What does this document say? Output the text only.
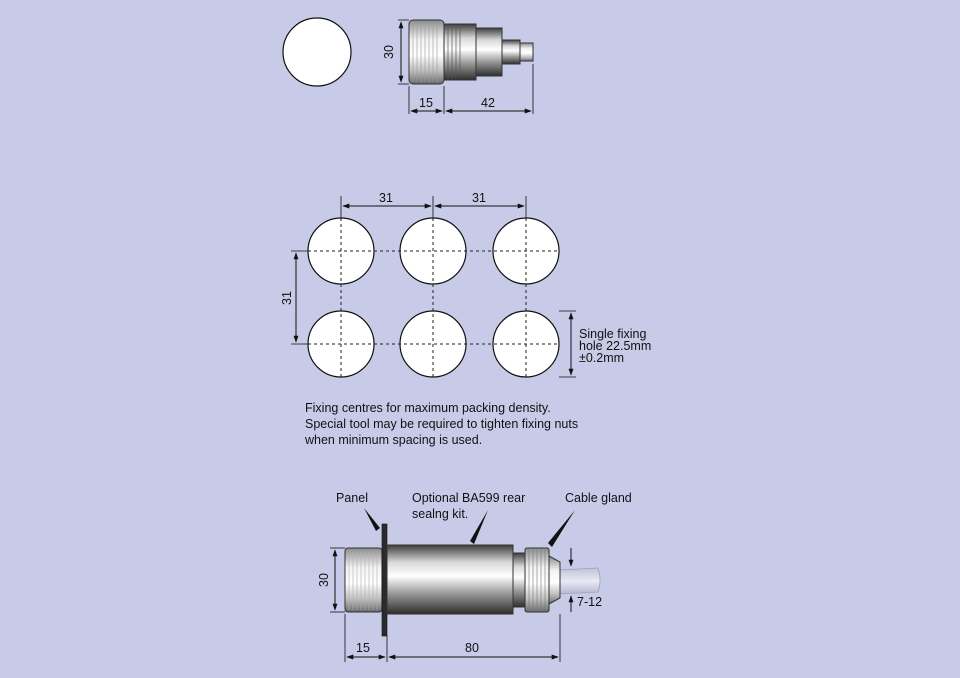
30
15	42
31	31
31
Single fixing
hole 22.5mm
±0.2mm
Panel	Optional BA599 rear
sealng kit.
Cable gland
30
7-12
15	80
Fixing centres for maximum packing density.
Special tool may be required to tighten fixing nuts
when minimum spacing is used.
